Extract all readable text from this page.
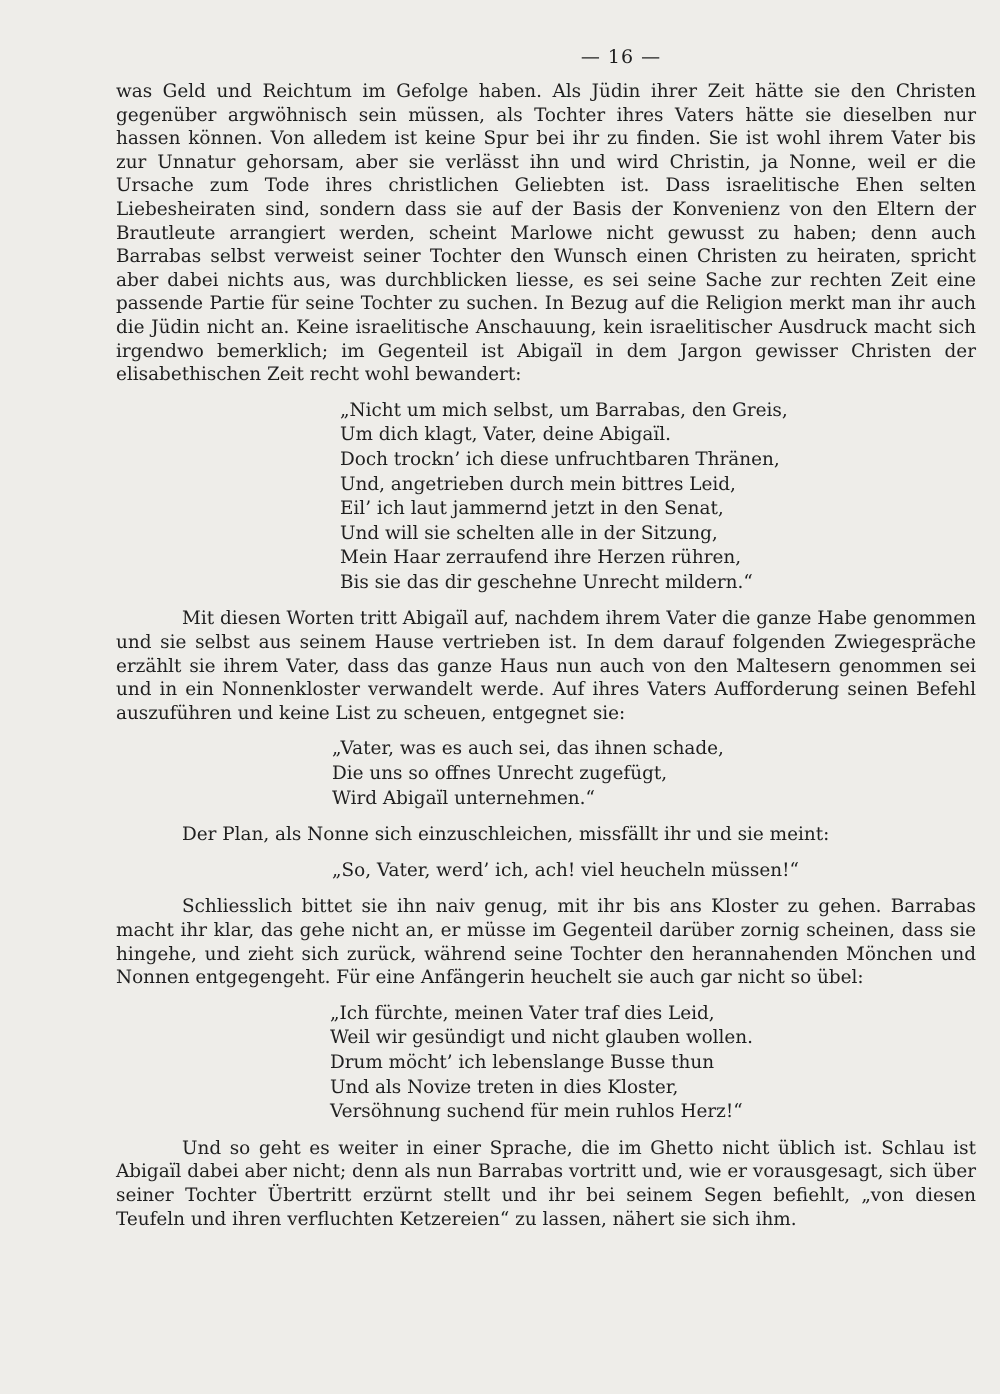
— 16 —

was Geld und Reichtum im Gefolge haben. Als Jüdin ihrer Zeit hätte sie den Christen gegenüber argwöhnisch sein müssen, als Tochter ihres Vaters hätte sie dieselben nur hassen können. Von alledem ist keine Spur bei ihr zu finden. Sie ist wohl ihrem Vater bis zur Unnatur gehorsam, aber sie verlässt ihn und wird Christin, ja Nonne, weil er die Ursache zum Tode ihres christlichen Geliebten ist. Dass israelitische Ehen selten Liebesheiraten sind, sondern dass sie auf der Basis der Konvenienz von den Eltern der Brautleute arrangiert werden, scheint Marlowe nicht gewusst zu haben; denn auch Barrabas selbst verweist seiner Tochter den Wunsch einen Christen zu heiraten, spricht aber dabei nichts aus, was durchblicken liesse, es sei seine Sache zur rechten Zeit eine passende Partie für seine Tochter zu suchen. In Bezug auf die Religion merkt man ihr auch die Jüdin nicht an. Keine israelitische Anschauung, kein israelitischer Ausdruck macht sich irgendwo bemerklich; im Gegenteil ist Abigaïl in dem Jargon gewisser Christen der elisabethischen Zeit recht wohl bewandert:

„Nicht um mich selbst, um Barrabas, den Greis,
Um dich klagt, Vater, deine Abigaïl.
Doch trockn’ ich diese unfruchtbaren Thränen,
Und, angetrieben durch mein bittres Leid,
Eil’ ich laut jammernd jetzt in den Senat,
Und will sie schelten alle in der Sitzung,
Mein Haar zerraufend ihre Herzen rühren,
Bis sie das dir geschehne Unrecht mildern.“

Mit diesen Worten tritt Abigaïl auf, nachdem ihrem Vater die ganze Habe genommen und sie selbst aus seinem Hause vertrieben ist. In dem darauf folgenden Zwiegespräche erzählt sie ihrem Vater, dass das ganze Haus nun auch von den Maltesern genommen sei und in ein Nonnenkloster verwandelt werde. Auf ihres Vaters Aufforderung seinen Befehl auszuführen und keine List zu scheuen, entgegnet sie:

„Vater, was es auch sei, das ihnen schade,
Die uns so offnes Unrecht zugefügt,
Wird Abigaïl unternehmen.“

Der Plan, als Nonne sich einzuschleichen, missfällt ihr und sie meint:

„So, Vater, werd’ ich, ach! viel heucheln müssen!“

Schliesslich bittet sie ihn naiv genug, mit ihr bis ans Kloster zu gehen. Barrabas macht ihr klar, das gehe nicht an, er müsse im Gegenteil darüber zornig scheinen, dass sie hingehe, und zieht sich zurück, während seine Tochter den herannahenden Mönchen und Nonnen entgegengeht. Für eine Anfängerin heuchelt sie auch gar nicht so übel:

„Ich fürchte, meinen Vater traf dies Leid,
Weil wir gesündigt und nicht glauben wollen.
Drum möcht’ ich lebenslange Busse thun
Und als Novize treten in dies Kloster,
Versöhnung suchend für mein ruhlos Herz!“

Und so geht es weiter in einer Sprache, die im Ghetto nicht üblich ist. Schlau ist Abigaïl dabei aber nicht; denn als nun Barrabas vortritt und, wie er vorausgesagt, sich über seiner Tochter Übertritt erzürnt stellt und ihr bei seinem Segen befiehlt, „von diesen Teufeln und ihren verfluchten Ketzereien“ zu lassen, nähert sie sich ihm.
